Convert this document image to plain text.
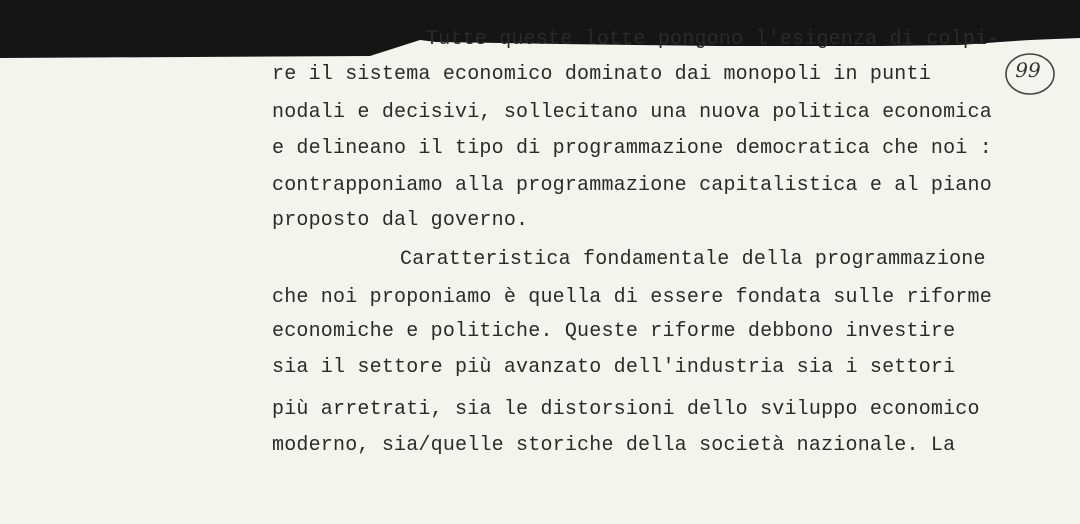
Tutte queste lotte pongono l'esigenza di colpi-

re il sistema economico dominato dai monopoli in punti

nodali e decisivi, sollecitano una nuova politica economica

e delineano il tipo di programmazione democratica che noi :

contrapponiamo alla programmazione capitalistica e al piano

proposto dal governo.

Caratteristica fondamentale della programmazione

che noi proponiamo è quella di essere fondata sulle riforme

economiche e politiche. Queste riforme debbono investire

sia il settore più avanzato dell'industria sia i settori

più arretrati, sia le distorsioni dello sviluppo economico

moderno, sia/quelle storiche della società nazionale. La

99
